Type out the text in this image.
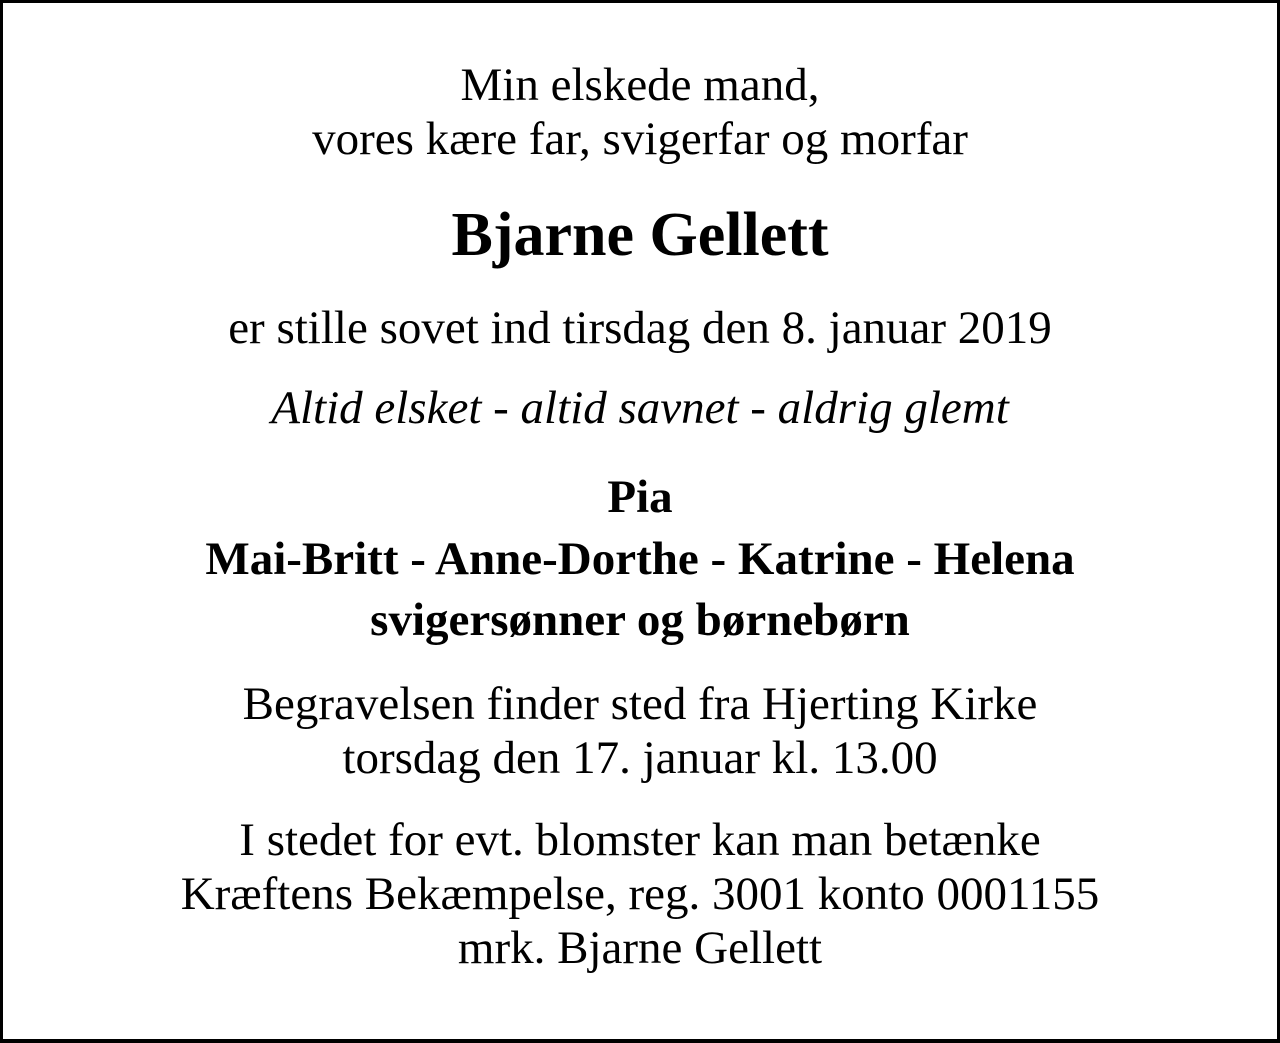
Min elskede mand,
vores kære far, svigerfar og morfar

Bjarne Gellett

er stille sovet ind tirsdag den 8. januar 2019

Altid elsket - altid savnet - aldrig glemt

Pia
Mai-Britt - Anne-Dorthe - Katrine - Helena
svigersønner og børnebørn

Begravelsen finder sted fra Hjerting Kirke
torsdag den 17. januar kl. 13.00

I stedet for evt. blomster kan man betænke
Kræftens Bekæmpelse, reg. 3001 konto 0001155
mrk. Bjarne Gellett
